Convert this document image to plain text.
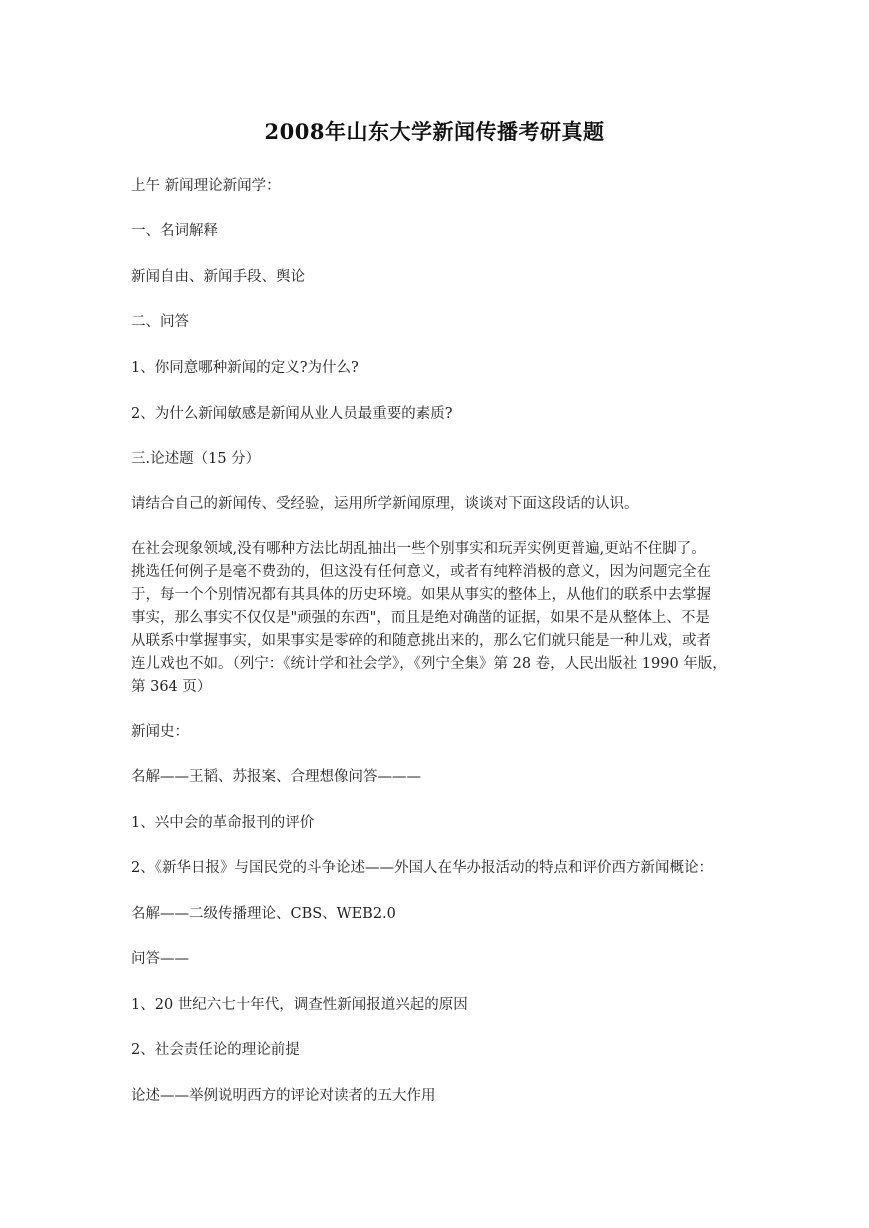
2008年山东大学新闻传播考研真题
上午 新闻理论新闻学：
一、名词解释
新闻自由、新闻手段、舆论
二、问答
1、你同意哪种新闻的定义?为什么?
2、为什么新闻敏感是新闻从业人员最重要的素质?
三.论述题（15 分）
请结合自己的新闻传、受经验，运用所学新闻原理，谈谈对下面这段话的认识。
在社会现象领域,没有哪种方法比胡乱抽出一些个别事实和玩弄实例更普遍,更站不住脚了。
挑选任何例子是毫不费劲的，但这没有任何意义，或者有纯粹消极的意义，因为问题完全在
于，每一个个别情况都有其具体的历史环境。如果从事实的整体上，从他们的联系中去掌握
事实，那么事实不仅仅是"顽强的东西"，而且是绝对确凿的证据，如果不是从整体上、不是
从联系中掌握事实，如果事实是零碎的和随意挑出来的，那么它们就只能是一种儿戏，或者
连儿戏也不如。（列宁：《统计学和社会学》，《列宁全集》第 28 卷，人民出版社 1990 年版，
第 364 页）
新闻史：
名解——王韬、苏报案、合理想像问答———
1、兴中会的革命报刊的评价
2、《新华日报》与国民党的斗争论述——外国人在华办报活动的特点和评价西方新闻概论：
名解——二级传播理论、CBS、WEB2.0
问答——
1、20 世纪六七十年代，调查性新闻报道兴起的原因
2、社会责任论的理论前提
论述——举例说明西方的评论对读者的五大作用
